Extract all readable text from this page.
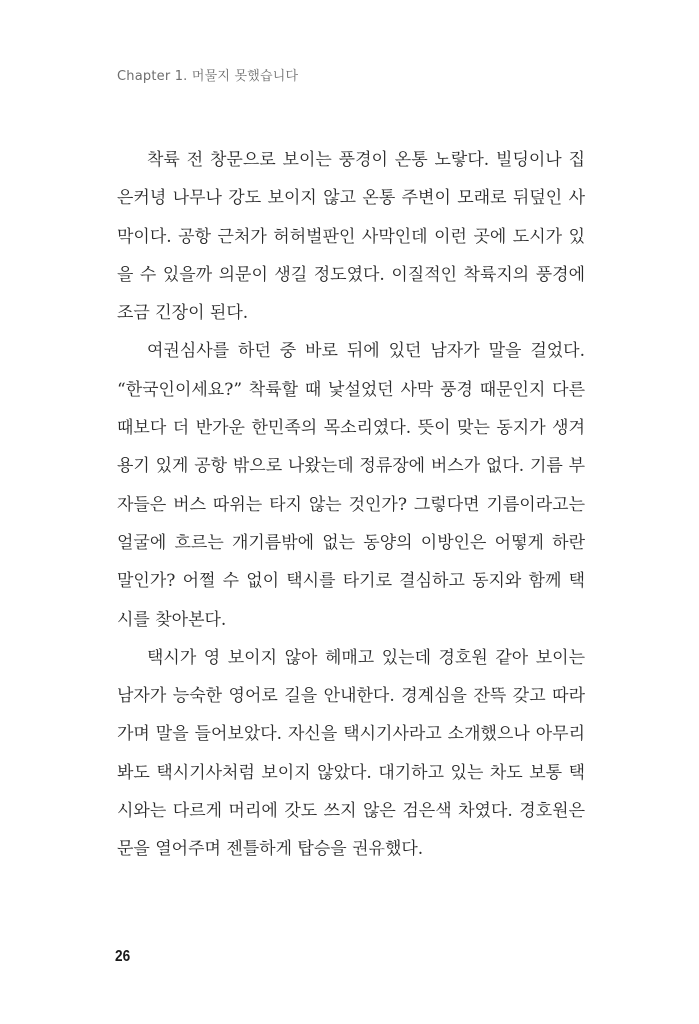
Chapter 1. 머물지 못했습니다
착륙 전 창문으로 보이는 풍경이 온통 노랗다. 빌딩이나 집
은커녕 나무나 강도 보이지 않고 온통 주변이 모래로 뒤덮인 사
막이다. 공항 근처가 허허벌판인 사막인데 이런 곳에 도시가 있
을 수 있을까 의문이 생길 정도였다. 이질적인 착륙지의 풍경에
조금 긴장이 된다.
여권심사를 하던 중 바로 뒤에 있던 남자가 말을 걸었다.
“한국인이세요?” 착륙할 때 낯설었던 사막 풍경 때문인지 다른
때보다 더 반가운 한민족의 목소리였다. 뜻이 맞는 동지가 생겨
용기 있게 공항 밖으로 나왔는데 정류장에 버스가 없다. 기름 부
자들은 버스 따위는 타지 않는 것인가? 그렇다면 기름이라고는
얼굴에 흐르는 개기름밖에 없는 동양의 이방인은 어떻게 하란
말인가? 어쩔 수 없이 택시를 타기로 결심하고 동지와 함께 택
시를 찾아본다.
택시가 영 보이지 않아 헤매고 있는데 경호원 같아 보이는
남자가 능숙한 영어로 길을 안내한다. 경계심을 잔뜩 갖고 따라
가며 말을 들어보았다. 자신을 택시기사라고 소개했으나 아무리
봐도 택시기사처럼 보이지 않았다. 대기하고 있는 차도 보통 택
시와는 다르게 머리에 갓도 쓰지 않은 검은색 차였다. 경호원은
문을 열어주며 젠틀하게 탑승을 권유했다.
26
